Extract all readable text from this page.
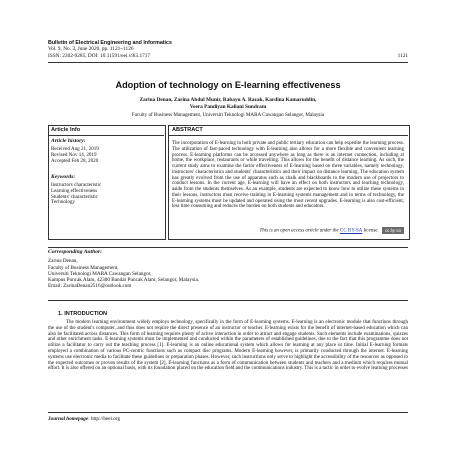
Bulletin of Electrical Engineering and Informatics
Vol. 9, No. 3, June 2020, pp. 1121~1126
ISSN: 2302-9285, DOI: 10.11591/eei.v9i3.1717	1121
Adoption of technology on E-learning effectiveness
Zarina Denan, Zarina Abdul Munir, Rabayu A. Razak, Kardina Kamaruddin,
Veera Pandiyan Kaliani Sundram
Faculty of Business Management, Universiti Teknologi MARA Cawangan Selangor, Malaysia
Article Info
Article history:
Received Aug 21, 2019
Revised Nov 14, 2019
Accepted Feb 28, 2020
Keywords:
Instructors characteristic
Learning effectiveness
Students' characteristic
Technology
ABSTRACT
The incorporation of E-learning in both private and public tertiary education can help expedite the learning process. The utilization of fast-paced technology with E-learning also allows for a more flexible and convenient learning process. E-learning platforms can be accessed anywhere as long as there is an internet connection, including at home, the workplace, restaurants or while travelling. This allows for the benefit of distance learning. As such, the current study aims to examine the factor effectiveness of E-learning based on three variables, namely technology, instructors' characteristics and students' characteristics and their impact on distance learning. The education system has greatly evolved from the use of apparatus such as chalk and blackboards to the modern use of projectors to conduct lessons. In the current age, E-learning will have an effect on both instructors and teaching technology, aside from the students themselves. As an example, students are expected to know how to utilize these systems in their lessons, instructors must receive training in E-learning systems management and in terms of technology, the E-learning systems must be updated and operated using the most recent upgrades. E-learning is also cost-efficient, less time consuming and reduces the burden on both students and educators.
This is an open access article under the CC BY-SA license. cc by-sa
Corresponding Author:
Zarina Denan,
Faculty of Business Management,
Universiti Teknologi MARA Cawangan Selangor,
Kampus Puncak Alam, 42300 Bandar Puncak Alam, Selangor, Malaysia.
Email: ZarinaDenan2516@outlook.com
1. INTRODUCTION
The modern learning environment widely employs technology, specifically in the form of E-learning systems. E-learning is an electronic module that functions through the use of the student's computer, and thus does not require the direct presence of an instructor or teacher. E-learning exists for the benefit of internet-based education which can also be facilitated across distances. This form of learning requires plenty of active interaction in order to attract and engage students. Such elements include examinations, quizzes and other enrichment tasks. E-learning systems must be implemented and conducted within the parameters of established guidelines, due to the fact that this programme does not utilize a facilitator to carry out the teaching process [1]. E-learning is an online educational system which allows for learning at any place or time. Initial E-learning formats employed a combination of various PC-centric functions such as compact disc programs. Modern E-learning however, is primarily conducted through the internet. E-learning systems use electronic media to facilitate these guidelines or preparation phases. However, such instructions only serve to highlight the accessibility of the resources as opposed to the expected outcomes or proven results of the system [2]. E-learning functions as a form of communication between students and teachers and a medium which requires mutual effort. It is also offered on an optional basis, with its foundation placed on the education field and the communications industry. This is a tactic in order to evolve learning processes
Journal homepage: http://beei.org
